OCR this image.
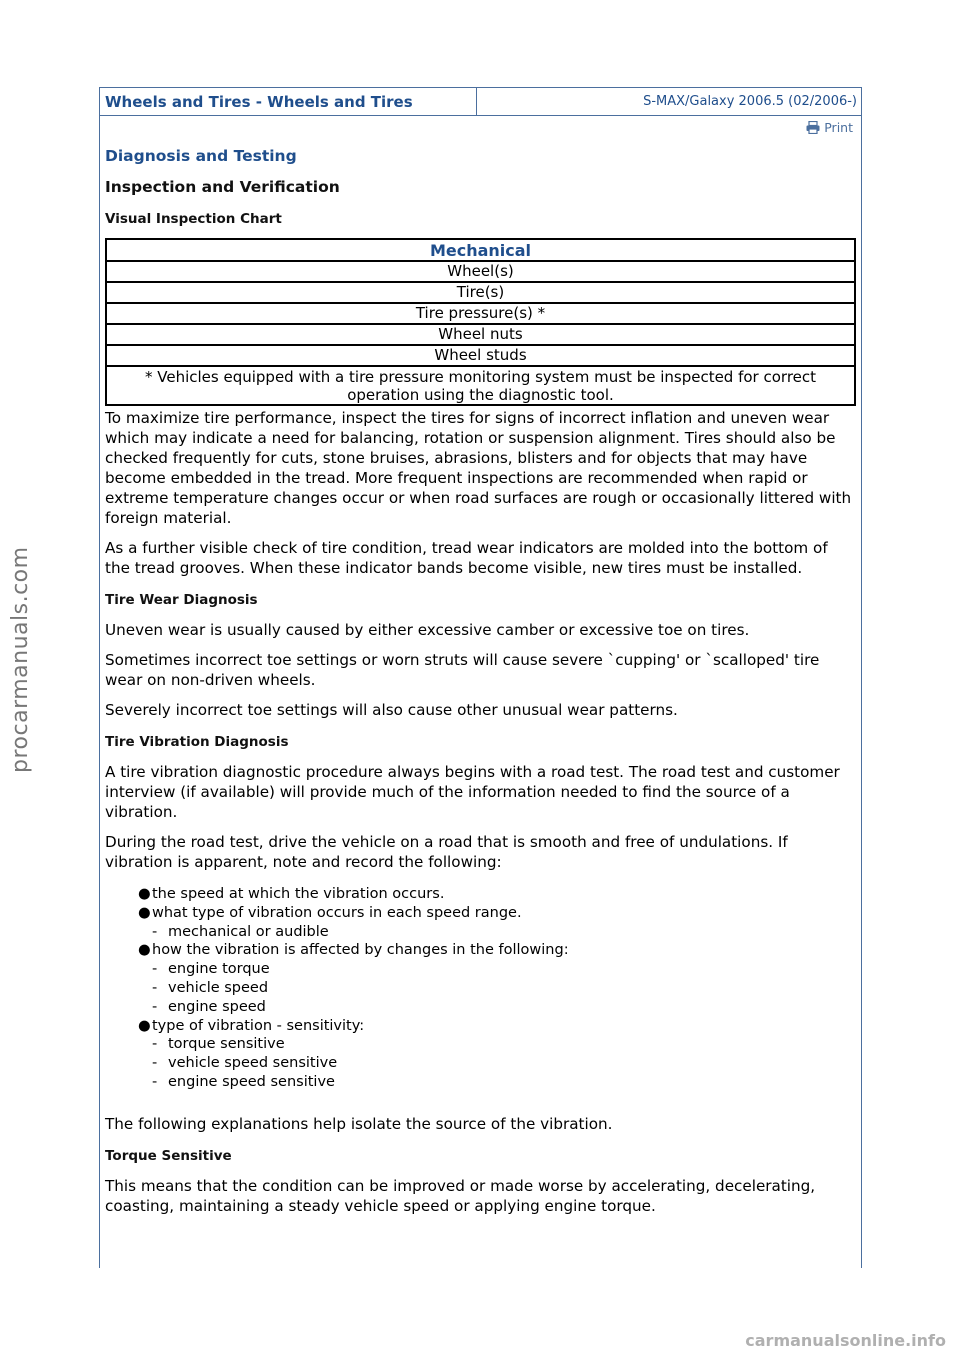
procarmanuals.com
Wheels and Tires - Wheels and Tires	S-MAX/Galaxy 2006.5 (02/2006-)
Print
Diagnosis and Testing
Inspection and Verification
Visual Inspection Chart
Mechanical
Wheel(s)
Tire(s)
Tire pressure(s) *
Wheel nuts
Wheel studs
* Vehicles equipped with a tire pressure monitoring system must be inspected for correct operation using the diagnostic tool.

To maximize tire performance, inspect the tires for signs of incorrect inflation and uneven wear which may indicate a need for balancing, rotation or suspension alignment. Tires should also be checked frequently for cuts, stone bruises, abrasions, blisters and for objects that may have become embedded in the tread. More frequent inspections are recommended when rapid or extreme temperature changes occur or when road surfaces are rough or occasionally littered with foreign material.

As a further visible check of tire condition, tread wear indicators are molded into the bottom of the tread grooves. When these indicator bands become visible, new tires must be installed.

Tire Wear Diagnosis

Uneven wear is usually caused by either excessive camber or excessive toe on tires.

Sometimes incorrect toe settings or worn struts will cause severe `cupping' or `scalloped' tire wear on non-driven wheels.

Severely incorrect toe settings will also cause other unusual wear patterns.

Tire Vibration Diagnosis

A tire vibration diagnostic procedure always begins with a road test. The road test and customer interview (if available) will provide much of the information needed to find the source of a vibration.

During the road test, drive the vehicle on a road that is smooth and free of undulations. If vibration is apparent, note and record the following:

● the speed at which the vibration occurs.
● what type of vibration occurs in each speed range.
- mechanical or audible
● how the vibration is affected by changes in the following:
- engine torque
- vehicle speed
- engine speed
● type of vibration - sensitivity:
- torque sensitive
- vehicle speed sensitive
- engine speed sensitive

The following explanations help isolate the source of the vibration.

Torque Sensitive

This means that the condition can be improved or made worse by accelerating, decelerating, coasting, maintaining a steady vehicle speed or applying engine torque.

carmanualsonline.info
